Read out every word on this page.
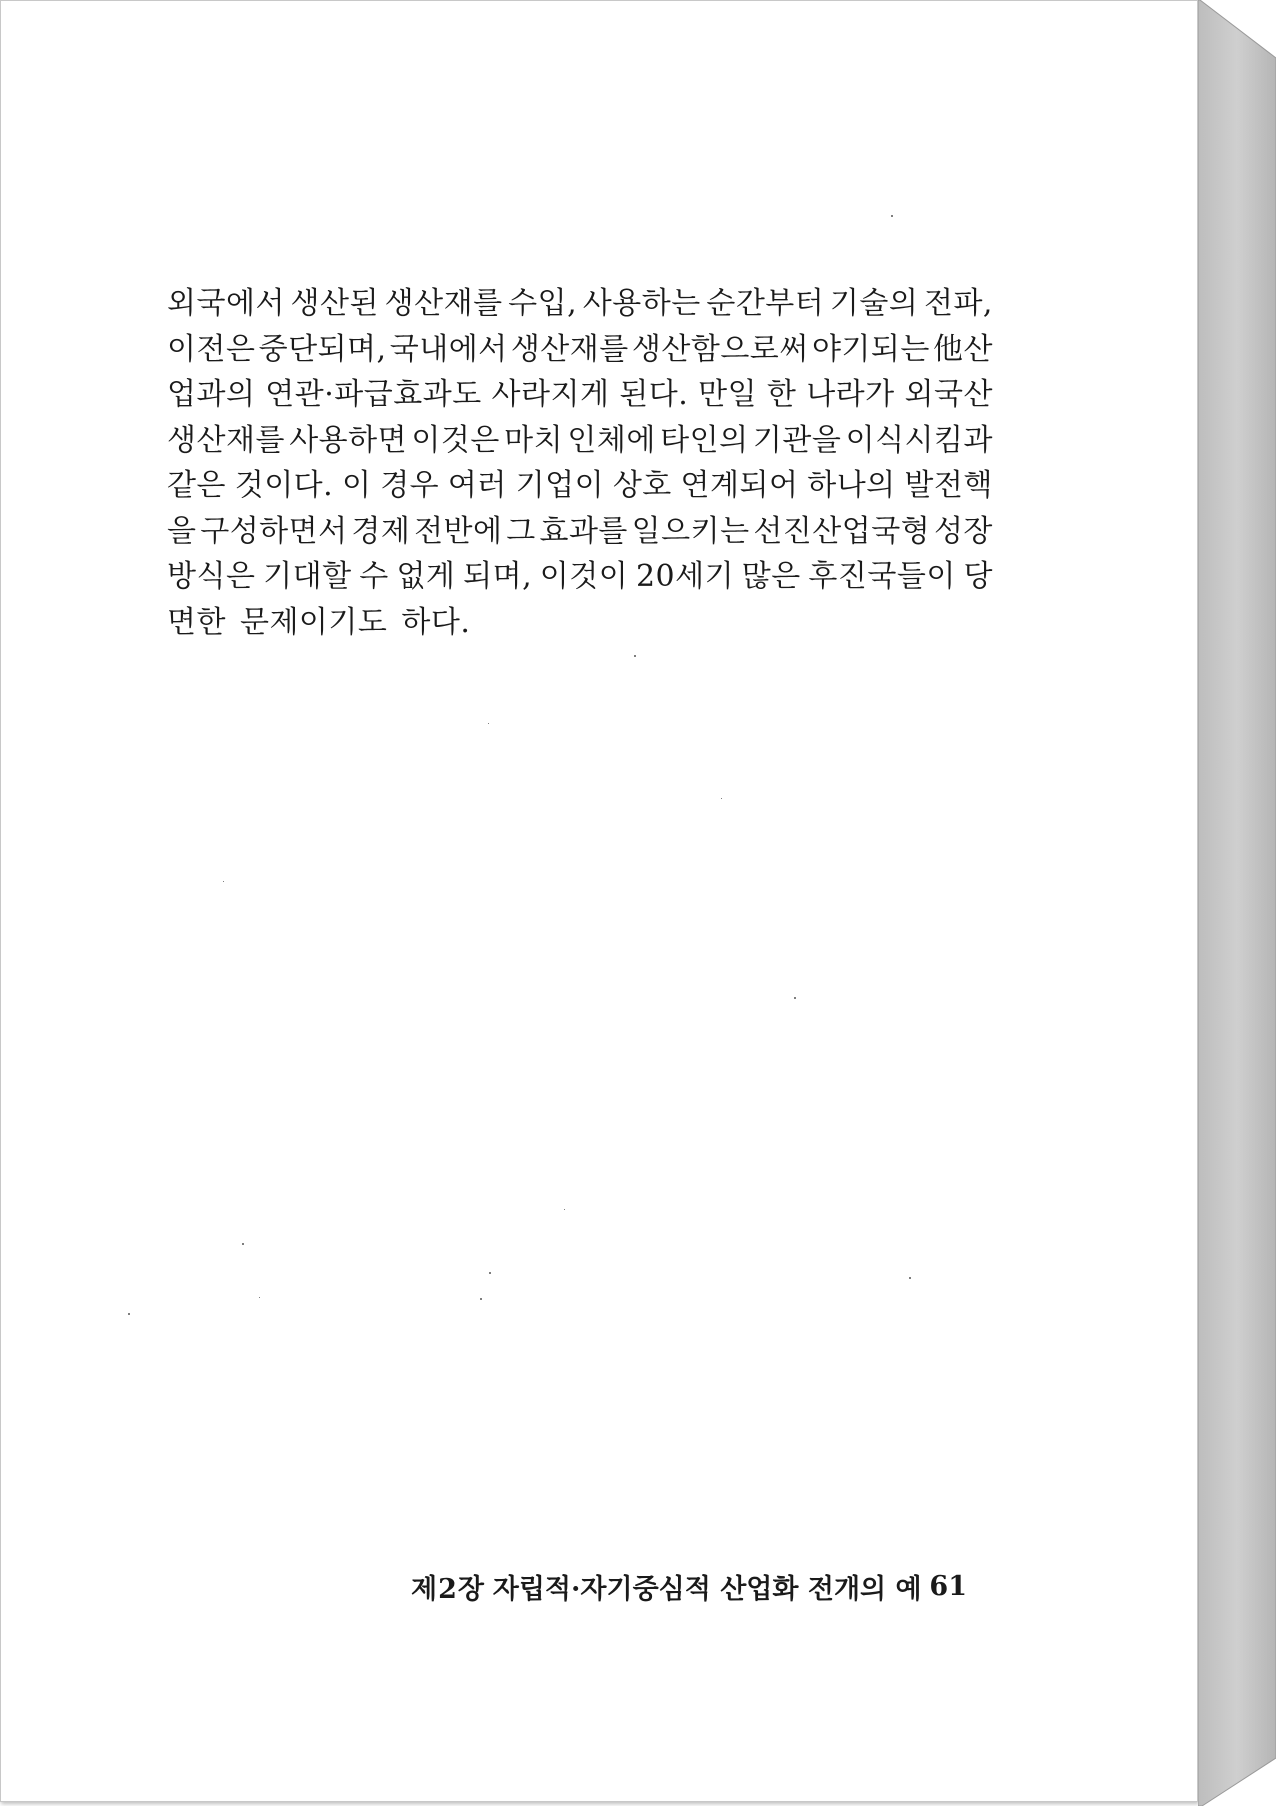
외국에서 생산된 생산재를 수입, 사용하는 순간부터 기술의 전파,
이전은 중단되며, 국내에서 생산재를 생산함으로써 야기되는 他산
업과의 연관·파급효과도 사라지게 된다. 만일 한 나라가 외국산
생산재를 사용하면 이것은 마치 인체에 타인의 기관을 이식시킴과
같은 것이다. 이 경우 여러 기업이 상호 연계되어 하나의 발전핵
을 구성하면서 경제 전반에 그 효과를 일으키는 선진산업국형 성장
방식은 기대할 수 없게 되며, 이것이 20세기 많은 후진국들이 당
면한 문제이기도 하다.
제2장 자립적·자기중심적 산업화 전개의 예 61
